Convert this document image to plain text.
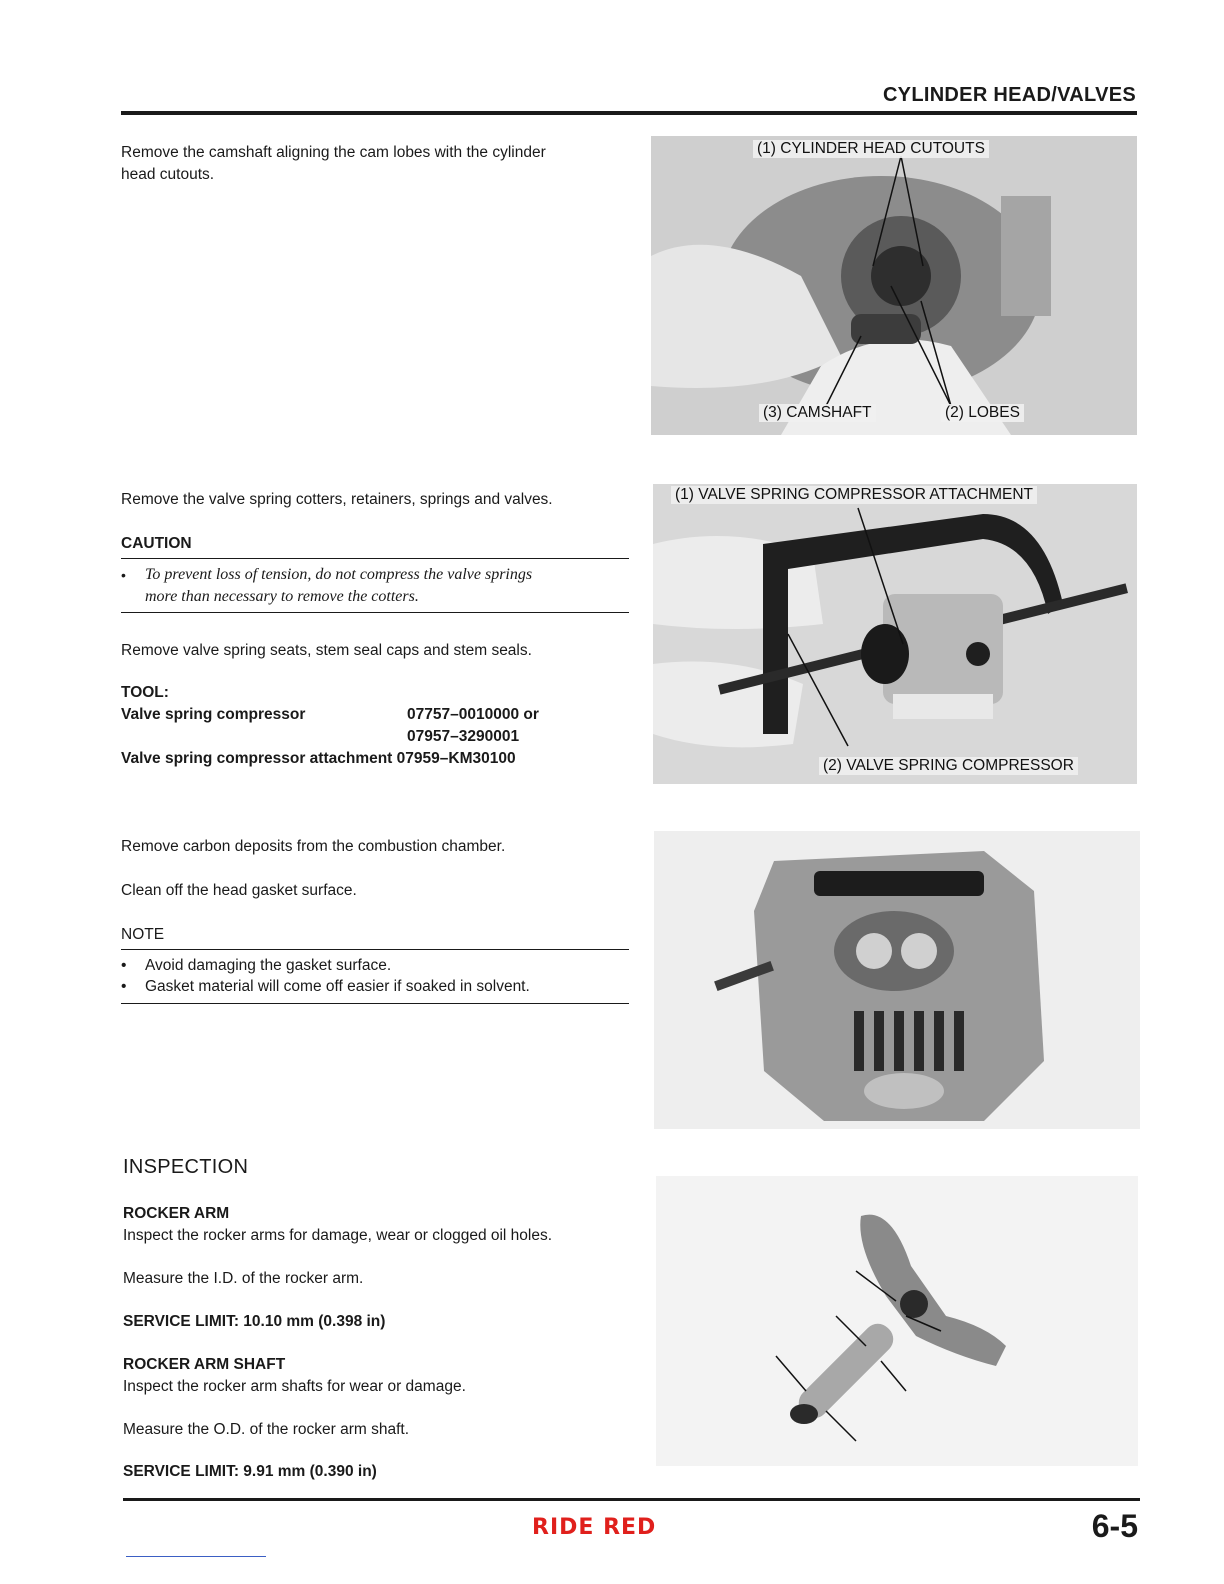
CYLINDER HEAD/VALVES
Remove the camshaft aligning the cam lobes with the cylinder
head cutouts.
(1) CYLINDER HEAD CUTOUTS
(3) CAMSHAFT	(2) LOBES
Remove the valve spring cotters, retainers, springs and valves.
CAUTION
•	To prevent loss of tension, do not compress the valve springs
more than necessary to remove the cotters.
Remove valve spring seats, stem seal caps and stem seals.
TOOL:
Valve spring compressor	07757–0010000 or
07957–3290001
Valve spring compressor attachment 07959–KM30100
(1) VALVE SPRING COMPRESSOR ATTACHMENT
(2) VALVE SPRING COMPRESSOR
Remove carbon deposits from the combustion chamber.
Clean off the head gasket surface.
NOTE
•	Avoid damaging the gasket surface.
•	Gasket material will come off easier if soaked in solvent.
INSPECTION
ROCKER ARM
Inspect the rocker arms for damage, wear or clogged oil holes.
Measure the I.D. of the rocker arm.
SERVICE LIMIT: 10.10 mm (0.398 in)
ROCKER ARM SHAFT
Inspect the rocker arm shafts for wear or damage.
Measure the O.D. of the rocker arm shaft.
SERVICE LIMIT: 9.91 mm (0.390 in)
RIDE RED	6-5
